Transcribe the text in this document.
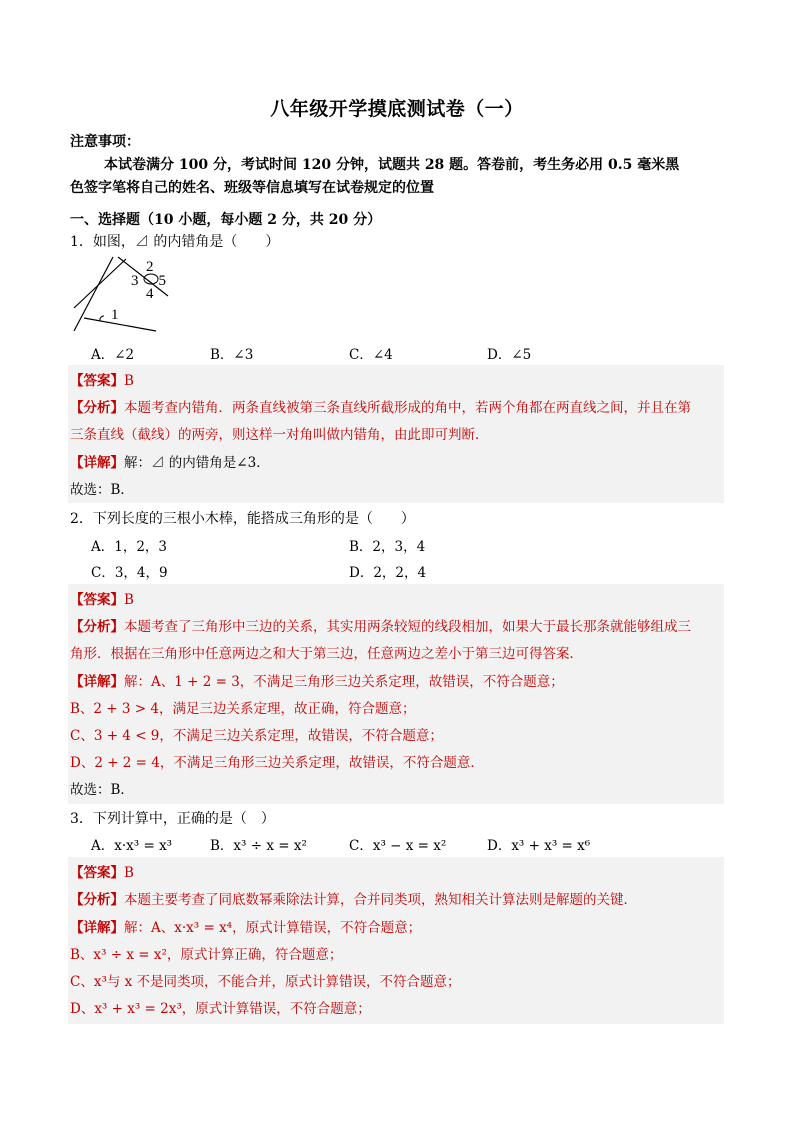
八年级开学摸底测试卷（一）
注意事项：
本试卷满分 100 分，考试时间 120 分钟，试题共 28 题。答卷前，考生务必用 0.5 毫米黑
色签字笔将自己的姓名、班级等信息填写在试卷规定的位置
一、选择题（10 小题，每小题 2 分，共 20 分）
1．如图，⊿ 的内错角是（　　）
2
3 5
4
1
A．∠2	B．∠3	C．∠4	D．∠5
【答案】B
【分析】本题考查内错角．两条直线被第三条直线所截形成的角中，若两个角都在两直线之间，并且在第
三条直线（截线）的两旁，则这样一对角叫做内错角，由此即可判断．
【详解】解：⊿ 的内错角是∠3．
故选：B．
2．下列长度的三根小木棒，能搭成三角形的是（　　）
A．1，2，3	B．2，3，4
C．3，4，9	D．2，2，4
【答案】B
【分析】本题考查了三角形中三边的关系，其实用两条较短的线段相加，如果大于最长那条就能够组成三
角形．根据在三角形中任意两边之和大于第三边，任意两边之差小于第三边可得答案．
【详解】解：A、1 + 2 = 3，不满足三角形三边关系定理，故错误，不符合题意；
B、2 + 3 > 4，满足三边关系定理，故正确，符合题意；
C、3 + 4 < 9，不满足三边关系定理，故错误，不符合题意；
D、2 + 2 = 4，不满足三角形三边关系定理，故错误，不符合题意．
故选：B．
3．下列计算中，正确的是（　）
A．x·x³ = x³	B．x³ ÷ x = x²	C．x³ − x = x²	D．x³ + x³ = x⁶
【答案】B
【分析】本题主要考查了同底数幂乘除法计算，合并同类项，熟知相关计算法则是解题的关键．
【详解】解：A、x·x³ = x⁴，原式计算错误，不符合题意；
B、x³ ÷ x = x²，原式计算正确，符合题意；
C、x³与 x 不是同类项，不能合并，原式计算错误，不符合题意；
D、x³ + x³ = 2x³，原式计算错误，不符合题意；
